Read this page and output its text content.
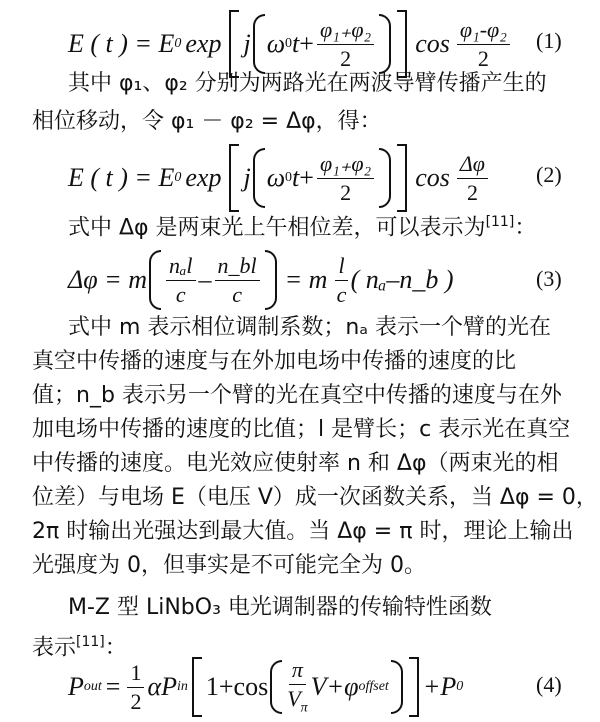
E ( t ) = E 0 exp j ω 0 $t + \frac{\text{φ₁₊φ₂}}{2}$ $\cos \frac{\text{φ₁-φ₂}}{2} (1)$
其中 φ₁、φ₂ 分别为两路光在两波导臂传播产生的
相位移动，令 φ₁ － φ₂ = Δφ，得：
E ( t ) = E 0 exp j ω 0 $t + \frac{\text{φ₁₊φ₂}}{2}$ $\cos \frac{\Delta\varphi}{2} (2)$
式中 Δφ 是两束光上午相位差，可以表示为[11]：
Δφ = m $\frac{\text{nₐl}}{c} - \frac{n\_bl}{c} = m \frac{l}{c}$ ( nₐ–n_b )	(3)
式中 m 表示相位调制系数；nₐ 表示一个臂的光在
真空中传播的速度与在外加电场中传播的速度的比
值；n_b 表示另一个臂的光在真空中传播的速度与在外
加电场中传播的速度的比值；l 是臂长；c 表示光在真空
中传播的速度。电光效应使射率 n 和 Δφ（两束光的相
位差）与电场 E（电压 V）成一次函数关系，当 Δφ = 0，
2π 时输出光强达到最大值。当 Δφ = π 时，理论上输出
光强度为 0，但事实是不可能完全为 0。
M-Z 型 LiNbO₃ 电光调制器的传输特性函数
表示[11]：
P out = $\frac{1}{2}$ αP in $1+\cos \frac{\pi}{V_\pi} V+\varphi$ offset +P 0	(4)
